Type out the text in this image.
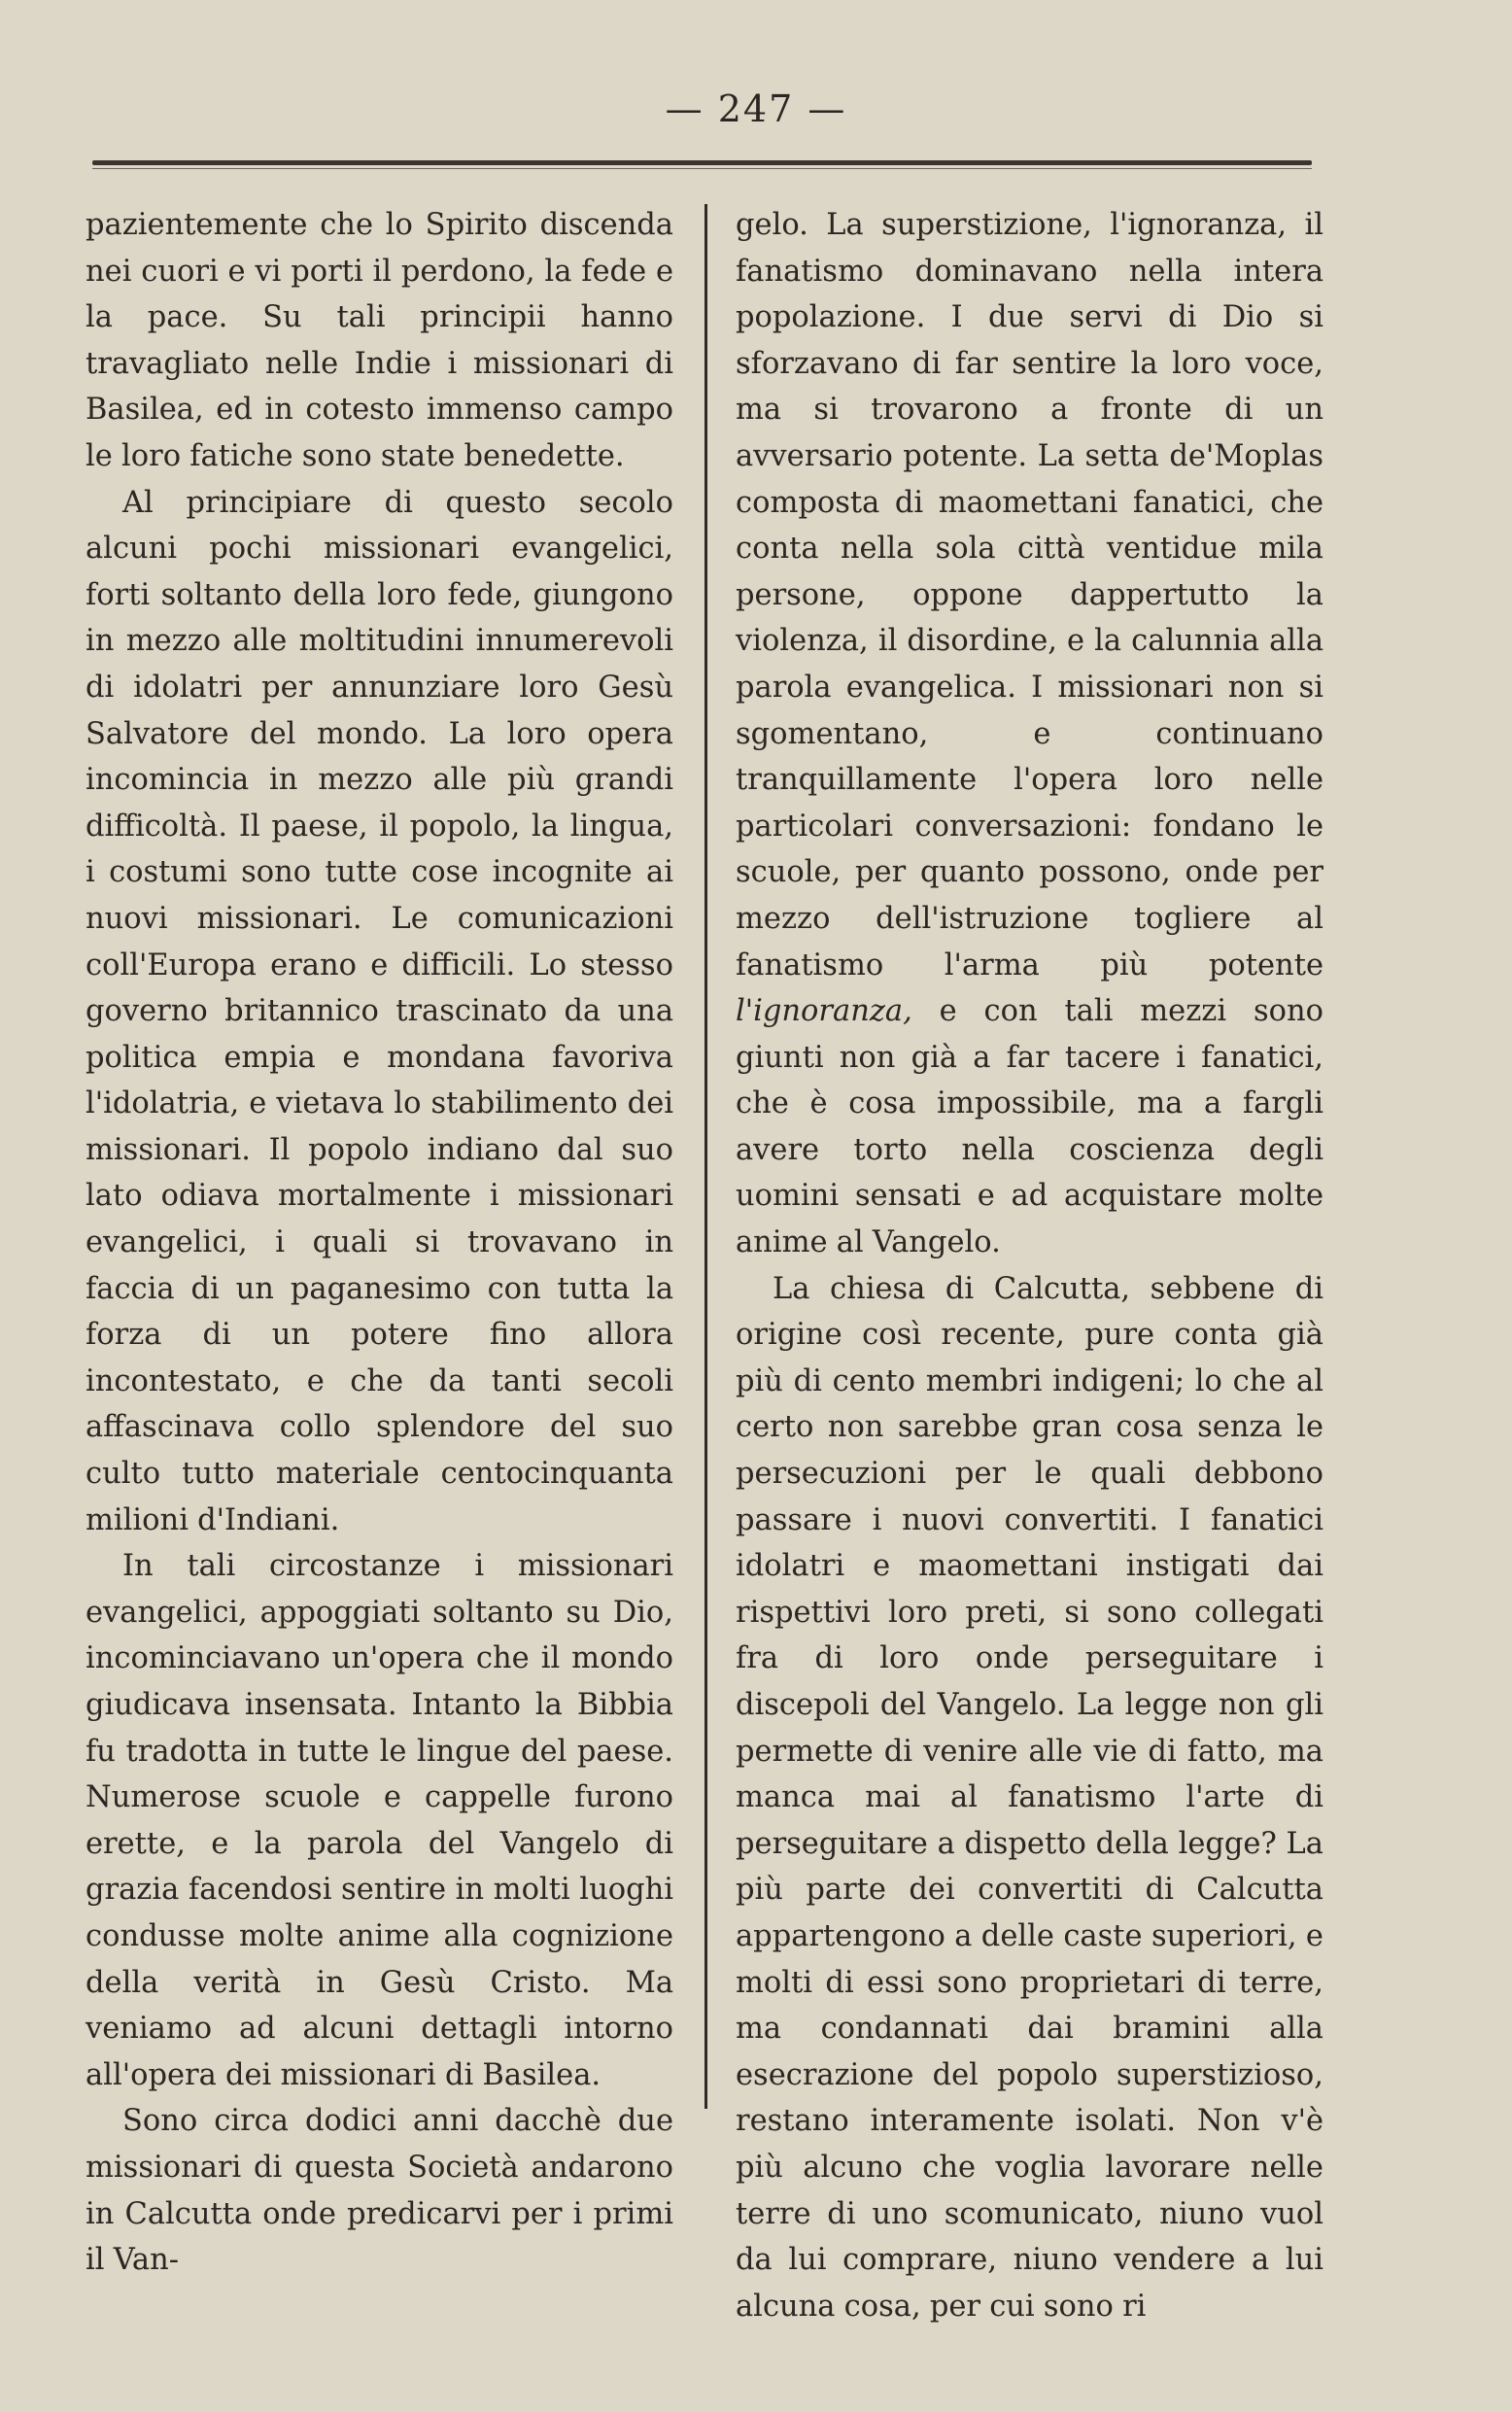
— 247 —

pazientemente che lo Spirito discenda nei cuori e vi porti il perdono, la fede e la pace. Su tali principii hanno travagliato nelle Indie i missionari di Basilea, ed in cotesto immenso campo le loro fatiche sono state benedette.

Al principiare di questo secolo alcuni pochi missionari evangelici, forti soltanto della loro fede, giungono in mezzo alle moltitudini innumerevoli di idolatri per annunziare loro Gesù Salvatore del mondo. La loro opera incomincia in mezzo alle più grandi difficoltà. Il paese, il popolo, la lingua, i costumi sono tutte cose incognite ai nuovi missionari. Le comunicazioni coll'Europa erano e difficili. Lo stesso governo britannico trascinato da una politica empia e mondana favoriva l'idolatria, e vietava lo stabilimento dei missionari. Il popolo indiano dal suo lato odiava mortalmente i missionari evangelici, i quali si trovavano in faccia di un paganesimo con tutta la forza di un potere fino allora incontestato, e che da tanti secoli affascinava collo splendore del suo culto tutto materiale centocinquanta milioni d'Indiani.

In tali circostanze i missionari evangelici, appoggiati soltanto su Dio, incominciavano un'opera che il mondo giudicava insensata. Intanto la Bibbia fu tradotta in tutte le lingue del paese. Numerose scuole e cappelle furono erette, e la parola del Vangelo di grazia facendosi sentire in molti luoghi condusse molte anime alla cognizione della verità in Gesù Cristo. Ma veniamo ad alcuni dettagli intorno all'opera dei missionari di Basilea.

Sono circa dodici anni dacchè due missionari di questa Società andarono in Calcutta onde predicarvi per i primi il Van-

gelo. La superstizione, l'ignoranza, il fanatismo dominavano nella intera popolazione. I due servi di Dio si sforzavano di far sentire la loro voce, ma si trovarono a fronte di un avversario potente. La setta de'Moplas composta di maomettani fanatici, che conta nella sola città ventidue mila persone, oppone dappertutto la violenza, il disordine, e la calunnia alla parola evangelica. I missionari non si sgomentano, e continuano tranquillamente l'opera loro nelle particolari conversazioni: fondano le scuole, per quanto possono, onde per mezzo dell'istruzione togliere al fanatismo l'arma più potente l'ignoranza, e con tali mezzi sono giunti non già a far tacere i fanatici, che è cosa impossibile, ma a fargli avere torto nella coscienza degli uomini sensati e ad acquistare molte anime al Vangelo.

La chiesa di Calcutta, sebbene di origine così recente, pure conta già più di cento membri indigeni; lo che al certo non sarebbe gran cosa senza le persecuzioni per le quali debbono passare i nuovi convertiti. I fanatici idolatri e maomettani instigati dai rispettivi loro preti, si sono collegati fra di loro onde perseguitare i discepoli del Vangelo. La legge non gli permette di venire alle vie di fatto, ma manca mai al fanatismo l'arte di perseguitare a dispetto della legge? La più parte dei convertiti di Calcutta appartengono a delle caste superiori, e molti di essi sono proprietari di terre, ma condannati dai bramini alla esecrazione del popolo superstizioso, restano interamente isolati. Non v'è più alcuno che voglia lavorare nelle terre di uno scomunicato, niuno vuol da lui comprare, niuno vendere a lui alcuna cosa, per cui sono ri
